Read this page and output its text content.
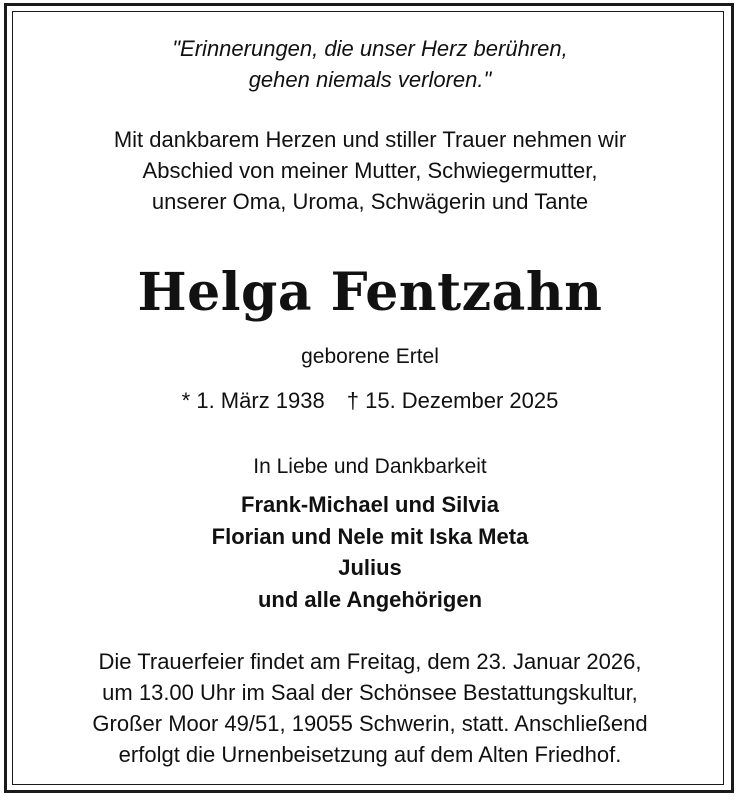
"Erinnerungen, die unser Herz berühren,
gehen niemals verloren."
Mit dankbarem Herzen und stiller Trauer nehmen wir
Abschied von meiner Mutter, Schwiegermutter,
unserer Oma, Uroma, Schwägerin und Tante
Helga Fentzahn
geborene Ertel
* 1. März 1938 † 15. Dezember 2025
In Liebe und Dankbarkeit
Frank-Michael und Silvia
Florian und Nele mit Iska Meta
Julius
und alle Angehörigen
Die Trauerfeier findet am Freitag, dem 23. Januar 2026,
um 13.00 Uhr im Saal der Schönsee Bestattungskultur,
Großer Moor 49/51, 19055 Schwerin, statt. Anschließend
erfolgt die Urnenbeisetzung auf dem Alten Friedhof.
